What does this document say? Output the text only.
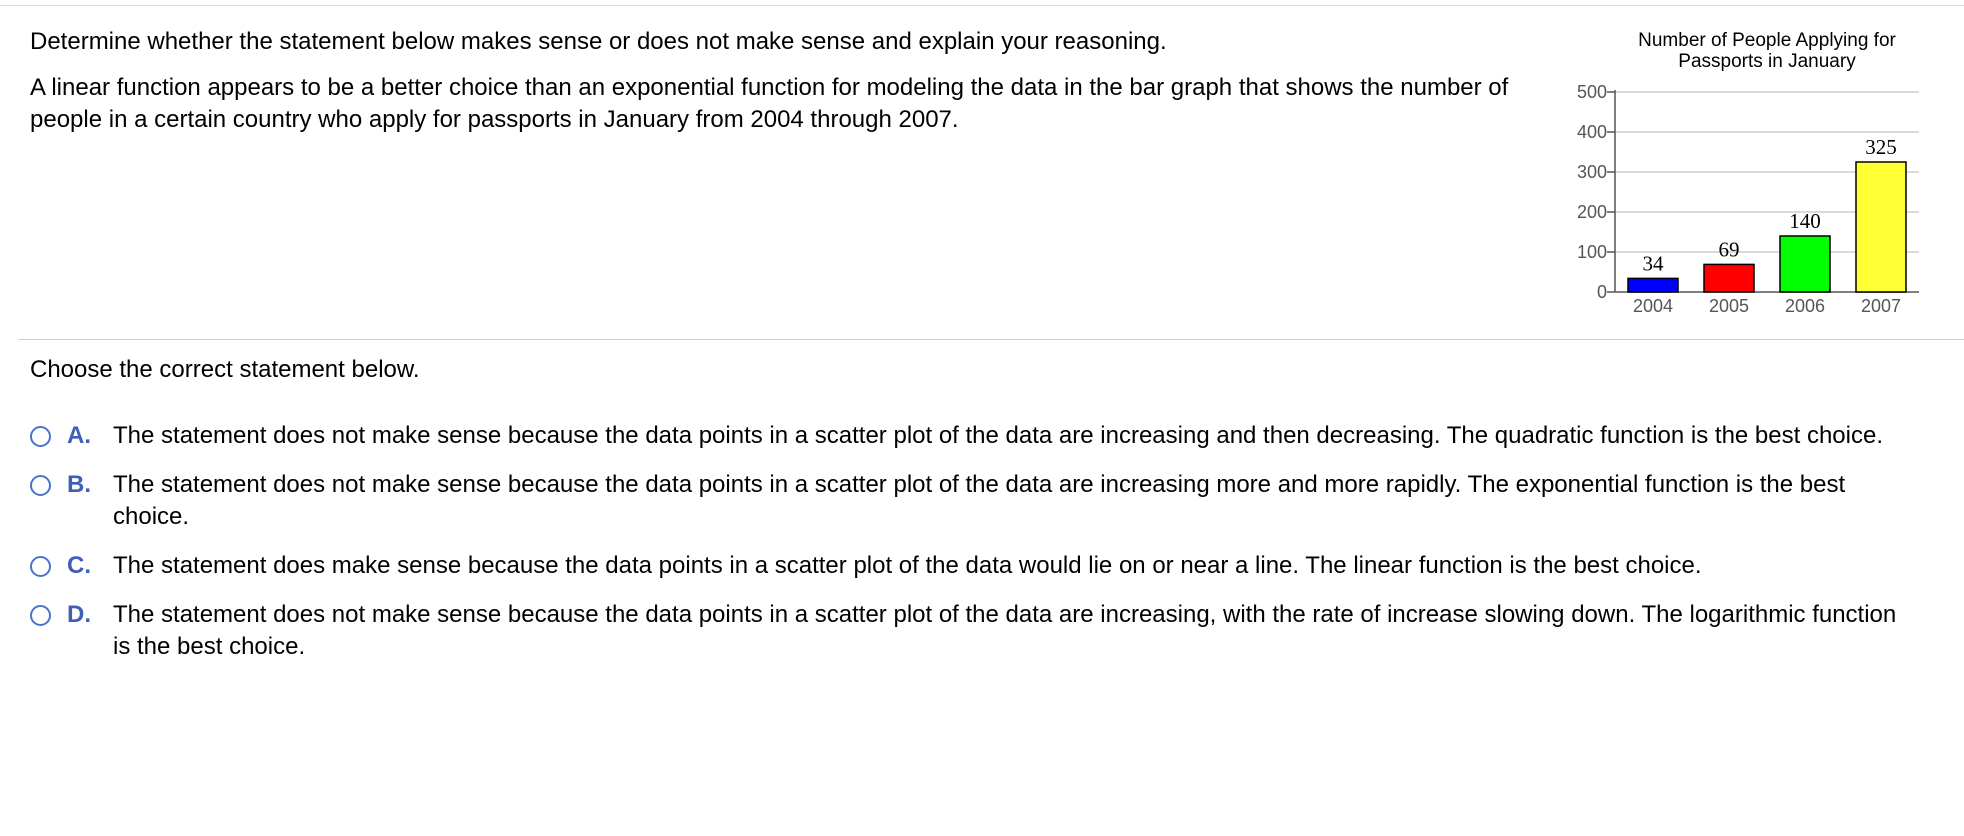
Determine whether the statement below makes sense or does not make sense and explain your reasoning.

A linear function appears to be a better choice than an exponential function for modeling the data in the bar graph that shows the number of people in a certain country who apply for passports in January from 2004 through 2007.

Number of People Applying for
Passports in January
0
100
200
300
400
500
34
2004
69
2005
140
2006
325
2007
Choose the correct statement below.
A. The statement does not make sense because the data points in a scatter plot of the data are increasing and then decreasing. The quadratic function is the best choice.
B. The statement does not make sense because the data points in a scatter plot of the data are increasing more and more rapidly. The exponential function is the best choice.
C. The statement does make sense because the data points in a scatter plot of the data would lie on or near a line. The linear function is the best choice.
D. The statement does not make sense because the data points in a scatter plot of the data are increasing, with the rate of increase slowing down. The logarithmic function is the best choice.
